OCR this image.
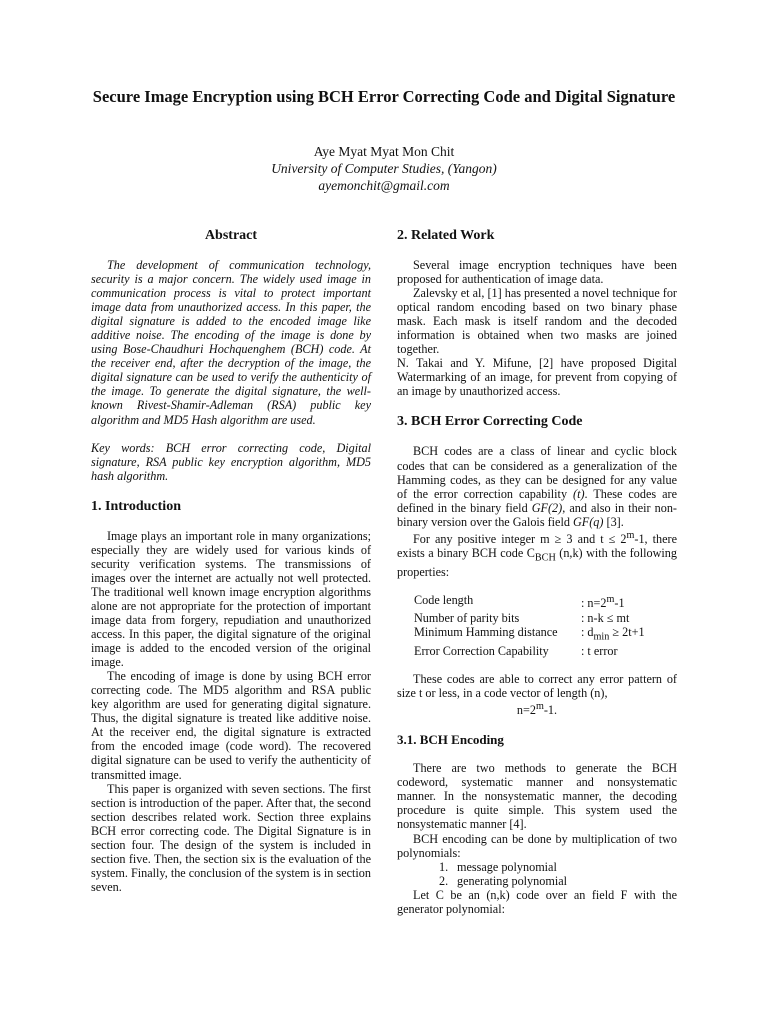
Secure Image Encryption using BCH Error Correcting Code and Digital Signature
Aye Myat Myat Mon Chit
University of Computer Studies, (Yangon)
ayemonchit@gmail.com
Abstract

The development of communication technology, security is a major concern. The widely used image in communication process is vital to protect important image data from unauthorized access. In this paper, the digital signature is added to the encoded image like additive noise. The encoding of the image is done by using Bose-Chaudhuri Hochquenghem (BCH) code. At the receiver end, after the decryption of the image, the digital signature can be used to verify the authenticity of the image. To generate the digital signature, the well-known Rivest-Shamir-Adleman (RSA) public key algorithm and MD5 Hash algorithm are used.

Key words: BCH error correcting code, Digital signature, RSA public key encryption algorithm, MD5 hash algorithm.

1. Introduction

Image plays an important role in many organizations; especially they are widely used for various kinds of security verification systems. The transmissions of images over the internet are actually not well protected. The traditional well known image encryption algorithms alone are not appropriate for the protection of important image data from forgery, repudiation and unauthorized access. In this paper, the digital signature of the original image is added to the encoded version of the original image.

The encoding of image is done by using BCH error correcting code. The MD5 algorithm and RSA public key algorithm are used for generating digital signature. Thus, the digital signature is treated like additive noise. At the receiver end, the digital signature is extracted from the encoded image (code word). The recovered digital signature can be used to verify the authenticity of transmitted image.

This paper is organized with seven sections. The first section is introduction of the paper. After that, the second section describes related work. Section three explains BCH error correcting code. The Digital Signature is in section four. The design of the system is included in section five. Then, the section six is the evaluation of the system. Finally, the conclusion of the system is in section seven.

2. Related Work

Several image encryption techniques have been proposed for authentication of image data.

Zalevsky et al, [1] has presented a novel technique for optical random encoding based on two binary phase mask. Each mask is itself random and the decoded information is obtained when two masks are joined together.

N. Takai and Y. Mifune, [2] have proposed Digital Watermarking of an image, for prevent from copying of an image by unauthorized access.

3. BCH Error Correcting Code

BCH codes are a class of linear and cyclic block codes that can be considered as a generalization of the Hamming codes, as they can be designed for any value of the error correction capability (t). These codes are defined in the binary field GF(2), and also in their non-binary version over the Galois field GF(q) [3].

For any positive integer m ≥ 3 and $t \le 2^m-1$, there exists a binary BCH code $C_{BCH}$ (n,k) with the following properties:

Code length	: $n=2^m-1$
Number of parity bits	: n-k ≤ mt
Minimum Hamming distance	: $d_{min} \ge 2t+1$
Error Correction Capability	: t error

These codes are able to correct any error pattern of size t or less, in a code vector of length (n),

$n=2^m-1$.
3.1. BCH Encoding

There are two methods to generate the BCH codeword, systematic manner and nonsystematic manner. In the nonsystematic manner, the decoding procedure is quite simple. This system used the nonsystematic manner [4].

BCH encoding can be done by multiplication of two polynomials:

1. message polynomial
2. generating polynomial

Let C be an (n,k) code over an field F with the generator polynomial:
